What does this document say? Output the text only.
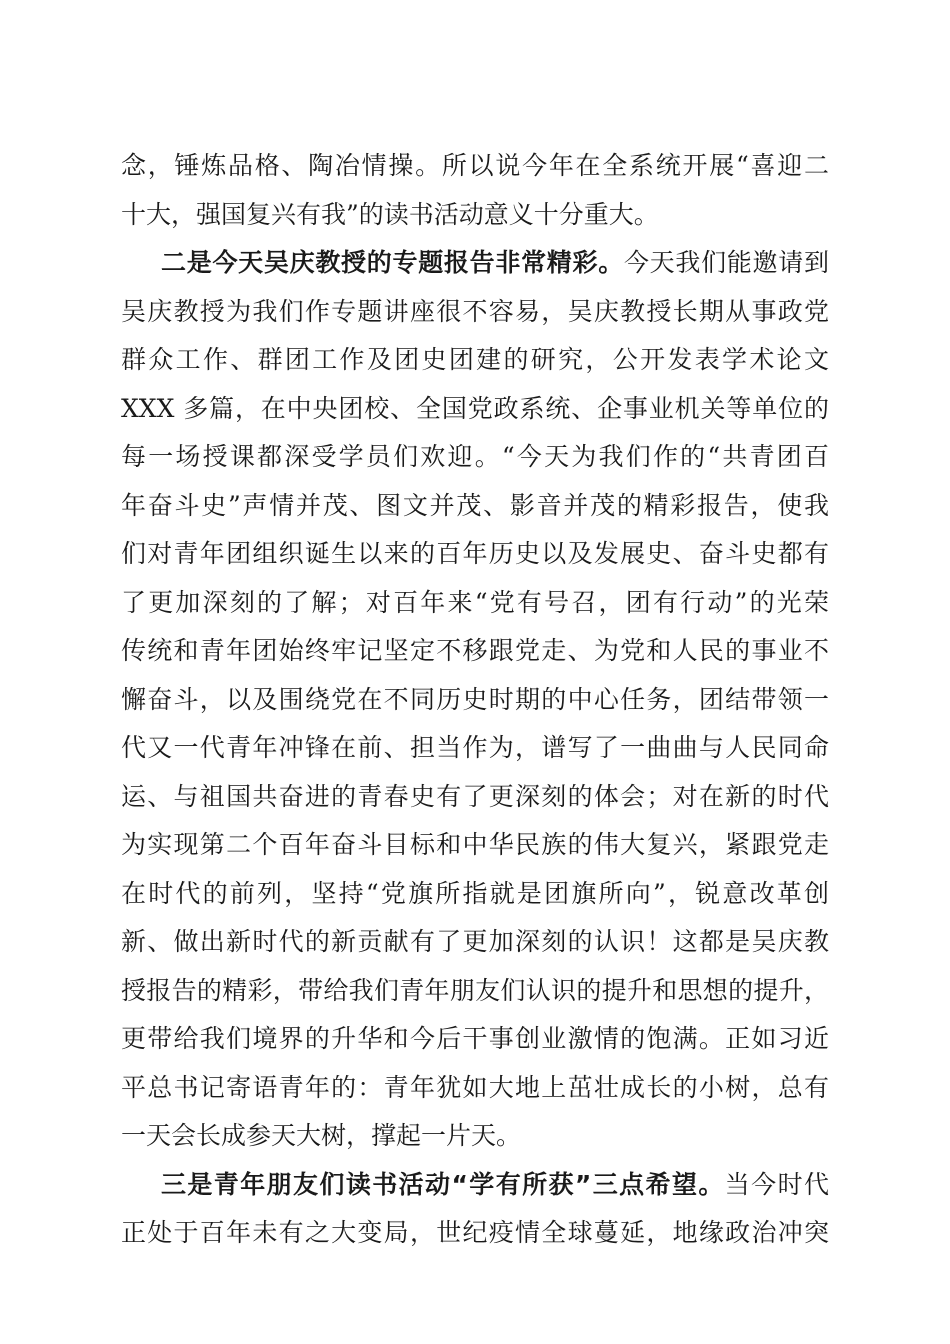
念，锤炼品格、陶冶情操。所以说今年在全系统开展“喜迎二
十大，强国复兴有我”的读书活动意义十分重大。
二是今天吴庆教授的专题报告非常精彩。今天我们能邀请到
吴庆教授为我们作专题讲座很不容易，吴庆教授长期从事政党
群众工作、群团工作及团史团建的研究，公开发表学术论文
XXX 多篇，在中央团校、全国党政系统、企事业机关等单位的
每一场授课都深受学员们欢迎。“今天为我们作的“共青团百
年奋斗史”声情并茂、图文并茂、影音并茂的精彩报告，使我
们对青年团组织诞生以来的百年历史以及发展史、奋斗史都有
了更加深刻的了解；对百年来“党有号召，团有行动”的光荣
传统和青年团始终牢记坚定不移跟党走、为党和人民的事业不
懈奋斗，以及围绕党在不同历史时期的中心任务，团结带领一
代又一代青年冲锋在前、担当作为，谱写了一曲曲与人民同命
运、与祖国共奋进的青春史有了更深刻的体会；对在新的时代
为实现第二个百年奋斗目标和中华民族的伟大复兴，紧跟党走
在时代的前列，坚持“党旗所指就是团旗所向”，锐意改革创
新、做出新时代的新贡献有了更加深刻的认识！这都是吴庆教
授报告的精彩，带给我们青年朋友们认识的提升和思想的提升，
更带给我们境界的升华和今后干事创业激情的饱满。正如习近
平总书记寄语青年的：青年犹如大地上茁壮成长的小树，总有
一天会长成参天大树，撑起一片天。
三是青年朋友们读书活动“学有所获”三点希望。当今时代
正处于百年未有之大变局，世纪疫情全球蔓延，地缘政治冲突
